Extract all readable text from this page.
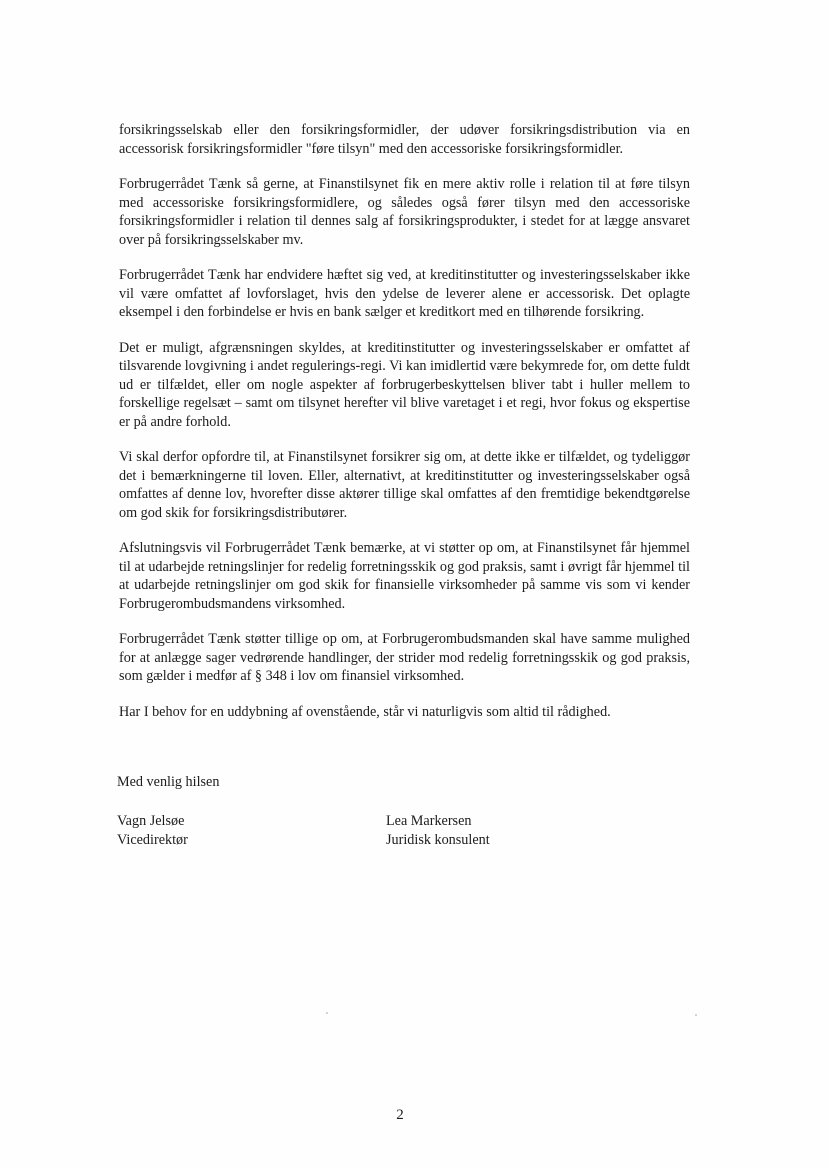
forsikringsselskab eller den forsikringsformidler, der udøver forsikringsdistribution via en accessorisk forsikringsformidler "føre tilsyn" med den accessoriske forsikringsformidler.

Forbrugerrådet Tænk så gerne, at Finanstilsynet fik en mere aktiv rolle i relation til at føre tilsyn med accessoriske forsikringsformidlere, og således også fører tilsyn med den accessoriske forsikringsformidler i relation til dennes salg af forsikringsprodukter, i stedet for at lægge ansvaret over på forsikringsselskaber mv.

Forbrugerrådet Tænk har endvidere hæftet sig ved, at kreditinstitutter og investeringsselskaber ikke vil være omfattet af lovforslaget, hvis den ydelse de leverer alene er accessorisk. Det oplagte eksempel i den forbindelse er hvis en bank sælger et kreditkort med en tilhørende forsikring.

Det er muligt, afgrænsningen skyldes, at kreditinstitutter og investeringsselskaber er omfattet af tilsvarende lovgivning i andet regulerings-regi. Vi kan imidlertid være bekymrede for, om dette fuldt ud er tilfældet, eller om nogle aspekter af forbrugerbeskyttelsen bliver tabt i huller mellem to forskellige regelsæt – samt om tilsynet herefter vil blive varetaget i et regi, hvor fokus og ekspertise er på andre forhold.

Vi skal derfor opfordre til, at Finanstilsynet forsikrer sig om, at dette ikke er tilfældet, og tydeliggør det i bemærkningerne til loven. Eller, alternativt, at kreditinstitutter og investeringsselskaber også omfattes af denne lov, hvorefter disse aktører tillige skal omfattes af den fremtidige bekendtgørelse om god skik for forsikringsdistributører.

Afslutningsvis vil Forbrugerrådet Tænk bemærke, at vi støtter op om, at Finanstilsynet får hjemmel til at udarbejde retningslinjer for redelig forretningsskik og god praksis, samt i øvrigt får hjemmel til at udarbejde retningslinjer om god skik for finansielle virksomheder på samme vis som vi kender Forbrugerombudsmandens virksomhed.

Forbrugerrådet Tænk støtter tillige op om, at Forbrugerombudsmanden skal have samme mulighed for at anlægge sager vedrørende handlinger, der strider mod redelig forretningsskik og god praksis, som gælder i medfør af § 348 i lov om finansiel virksomhed.

Har I behov for en uddybning af ovenstående, står vi naturligvis som altid til rådighed.

Med venlig hilsen
Vagn Jelsøe
Vicedirektør
Lea Markersen
Juridisk konsulent
2
